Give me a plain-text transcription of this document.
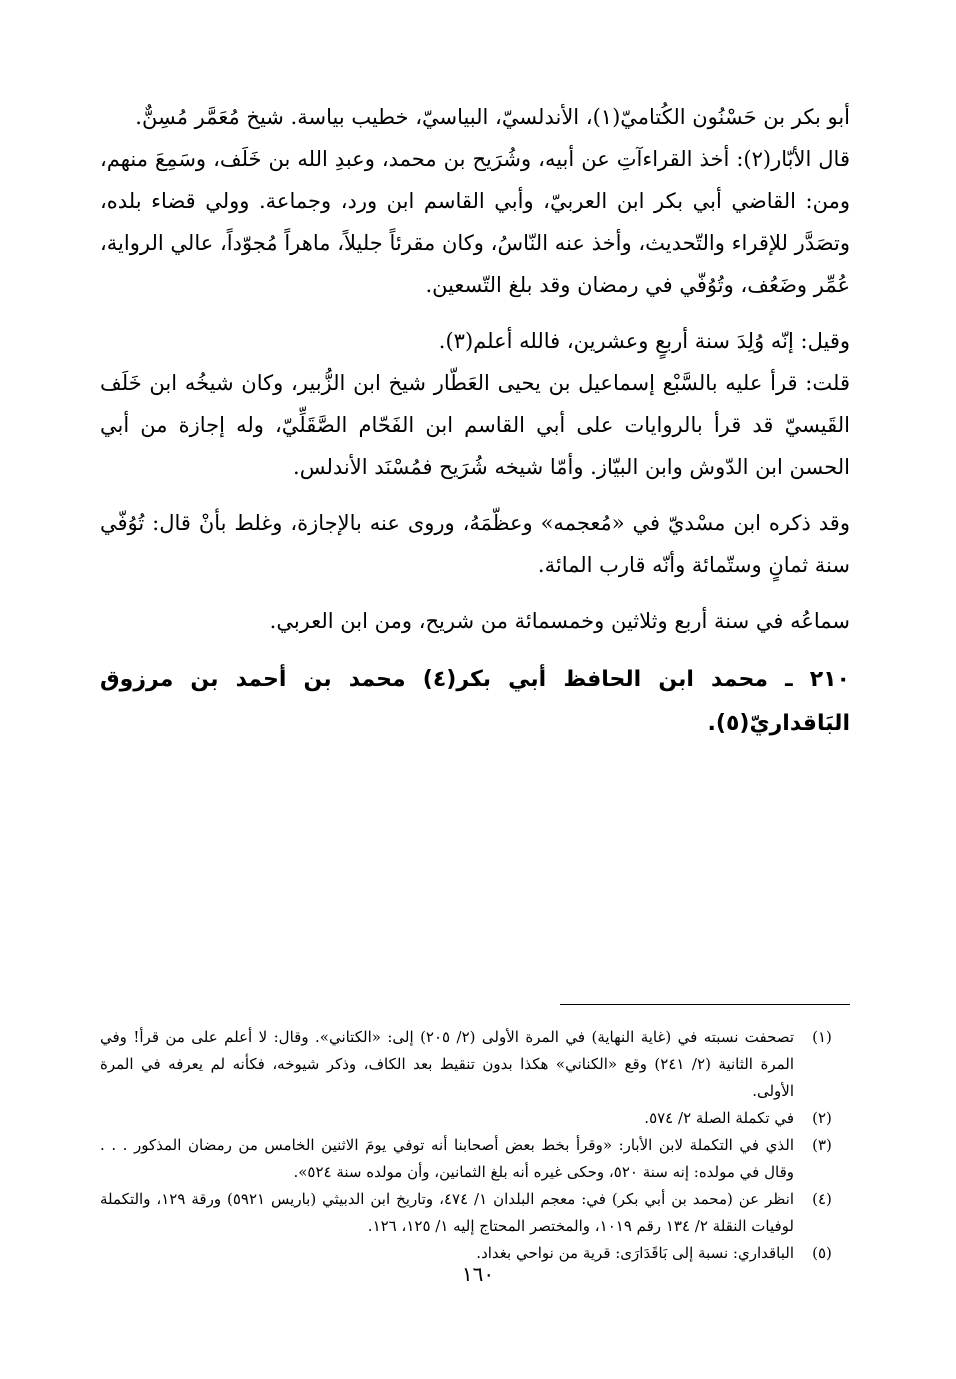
أبو بكر بن حَسْنُون الكُتاميّ(١)، الأندلسيّ، البياسيّ، خطيب بياسة. شيخ مُعَمَّر مُسِنٌّ.

قال الأبّار(٢): أخذ القراءآتِ عن أبيه، وشُرَيح بن محمد، وعبدِ الله بن خَلَف، وسَمِعَ منهم، ومن: القاضي أبي بكر ابن العربيّ، وأبي القاسم ابن ورد، وجماعة. وولي قضاء بلده، وتصَدَّر للإقراء والتّحديث، وأخذ عنه النّاسُ، وكان مقرئاً جليلاً، ماهراً مُجوّداً، عالي الرواية، عُمِّر وضَعُف، وتُوُفّي في رمضان وقد بلغ التّسعين.

وقيل: إنّه وُلِدَ سنة أربعٍ وعشرين، فالله أعلم(٣).

قلت: قرأ عليه بالسَّبْع إسماعيل بن يحيى العَطّار شيخ ابن الزُّبير، وكان شيخُه ابن خَلَف القَيسيّ قد قرأ بالروايات على أبي القاسم ابن الفَحّام الصَّقَلِّيّ، وله إجازة من أبي الحسن ابن الدّوش وابن البيّاز. وأمّا شيخه شُرَيح فمُسْنَد الأندلس.

وقد ذكره ابن مسْديّ في «مُعجمه» وعظّمَهُ، وروى عنه بالإجازة، وغلط بأنْ قال: تُوُفّي سنة ثمانٍ وستّمائة وأنّه قارب المائة.

سماعُه في سنة أربع وثلاثين وخمسمائة من شريح، ومن ابن العربي.

٢١٠ ـ محمد ابن الحافظ أبي بكر(٤) محمد بن أحمد بن مرزوق البَاقداريّ(٥).

(١)
تصحفت نسبته في (غاية النهاية) في المرة الأولى (٢/ ٢٠٥) إلى: «الكتاني». وقال: لا أعلم على من قرأ! وفي المرة الثانية (٢/ ٢٤١) وقع «الكناني» هكذا بدون تنقيط بعد الكاف، وذكر شيوخه، فكأنه لم يعرفه في المرة الأولى.
(٢)
في تكملة الصلة ٢/ ٥٧٤.
(٣)
الذي في التكملة لابن الأبار: «وقرأ بخط بعض أصحابنا أنه توفي يومَ الاثنين الخامس من رمضان المذكور . . . وقال في مولده: إنه سنة ٥٢٠، وحكى غيره أنه بلغ الثمانين، وأن مولده سنة ٥٢٤».
(٤)
انظر عن (محمد بن أبي بكر) في: معجم البلدان ١/ ٤٧٤، وتاريخ ابن الدبيثي (باريس ٥٩٢١) ورقة ١٢٩، والتكملة لوفيات النقلة ٢/ ١٣٤ رقم ١٠١٩، والمختصر المحتاج إليه ١/ ١٢٥، ١٢٦.
(٥)
الباقداري: نسبة إلى بَاقَدَارَى: قرية من نواحي بغداد.
١٦٠
